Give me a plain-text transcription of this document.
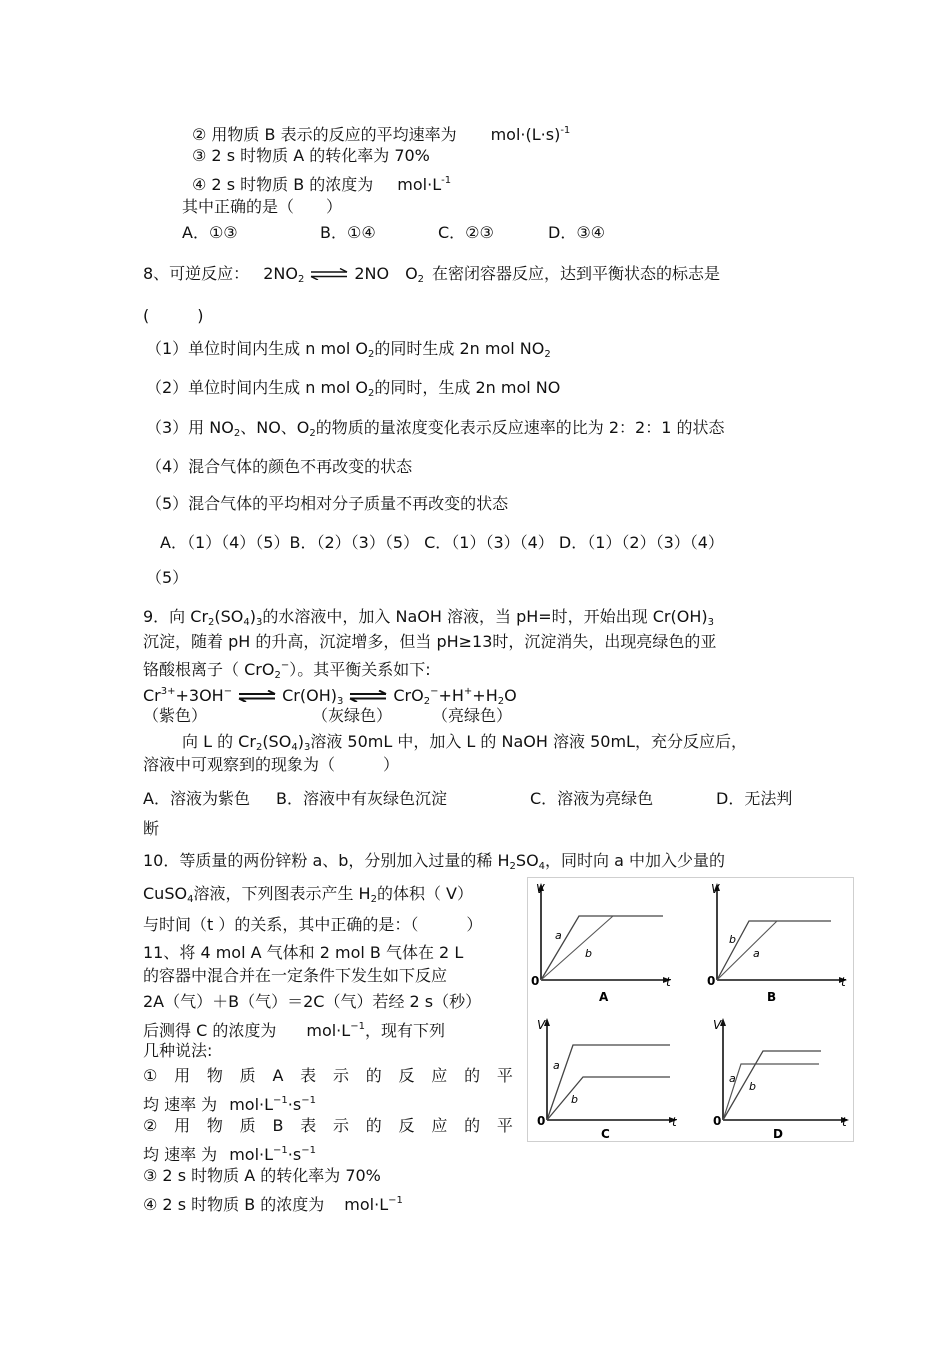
② 用物质 B 表示的反应的平均速率为 $mol\cdot(L\cdot s)^{-1}$
③ 2 s 时物质 A 的转化率为 70%
④ 2 s 时物质 B 的浓度为 $mol\cdot L^{-1}$
其中正确的是（　　）
A．①③	B．①④	C．②③	D．③④
8、可逆反应： $2NO_2$ ⇌ 2NO $O_2$ 在密闭容器反应，达到平衡状态的标志是
(　　　)
（1）单位时间内生成 n mol $O_2$的同时生成 2n mol $NO_2$
（2）单位时间内生成 n mol $O_2$的同时，生成 2n mol NO
（3）用 $NO_2$、NO、$O_2$的物质的量浓度变化表示反应速率的比为 2：2：1 的状态
（4）混合气体的颜色不再改变的状态
（5）混合气体的平均相对分子质量不再改变的状态
A．（1）（4）（5）B．（2）（3）（5） C．（1）（3）（4） D．（1）（2）（3）（4）
（5）
9．向 $Cr_2(SO_4)_3$的水溶液中，加入 NaOH 溶液，当 pH=时，开始出现 $Cr(OH)_3$
沉淀，随着 pH 的升高，沉淀增多，但当 pH≥13时，沉淀消失，出现亮绿色的亚
铬酸根离子（ CrO$_2$−）。其平衡关系如下:
$Cr^{3+}+3OH^-$ ⇌ $Cr(OH)_3$ ⇌ $CrO_2^-+H^++H_2O$
（紫色）	（灰绿色） （亮绿色）
向 L 的 $Cr_2(SO_4)_3$溶液 50mL 中，加入 L 的 NaOH 溶液 50mL，充分反应后，
溶液中可观察到的现象为（　　　）
A．溶液为紫色 B．溶液中有灰绿色沉淀	C．溶液为亮绿色	D．无法判
断
10．等质量的两份锌粉 a、b，分别加入过量的稀 $H_2SO_4$，同时向 a 中加入少量的
CuSO$_4$溶液，下列图表示产生 $H_2$的体积（ V）
与时间（t ）的关系，其中正确的是：（　　　）
11、将 4 mol A 气体和 2 mol B 气体在 2 L
的容器中混合并在一定条件下发生如下反应
2A（气）＋B（气）＝2C（气）若经 2 s（秒）
后测得 C 的浓度为 $mol\cdot L^{-1}$，现有下列
几种说法:
① 用 物 质 A 表 示 的 反 应 的 平
均 速率 为 $mol\cdot L^{-1}\cdot s^{-1}$
② 用 物 质 B 表 示 的 反 应 的 平
均 速率 为 $mol\cdot L^{-1}\cdot s^{-1}$
③ 2 s 时物质 A 的转化率为 70%
④ 2 s 时物质 B 的浓度为 $mol\cdot L^{-1}$
V
t
0
a
b
A
V
t
0
b
a
B
V
t
0
a
b
C
V
t
0
a
b
D
